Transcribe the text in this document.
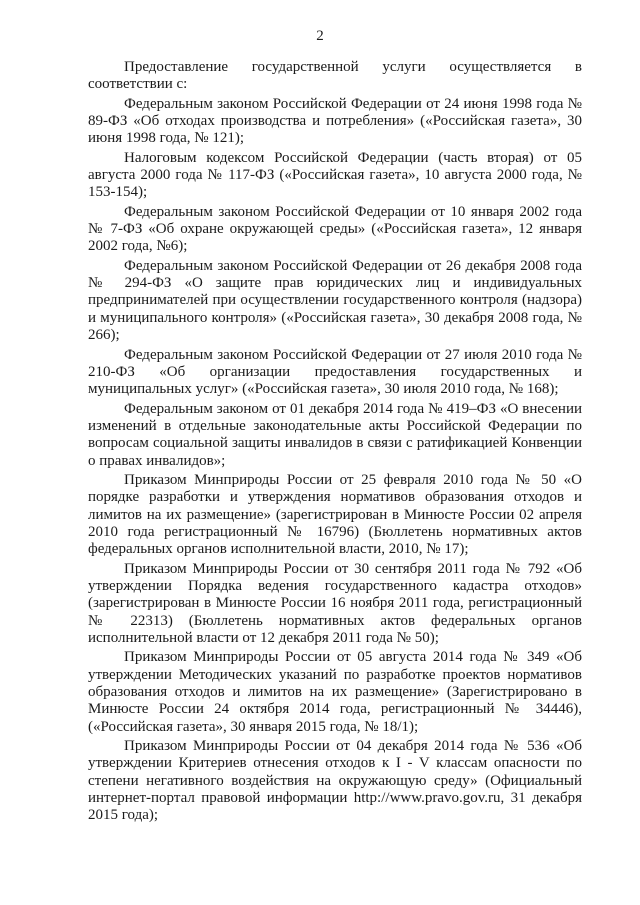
2

Предоставление государственной услуги осуществляется в соответствии с:

Федеральным законом Российской Федерации от 24 июня 1998 года № 89-ФЗ «Об отходах производства и потребления» («Российская газета», 30 июня 1998 года, № 121);

Налоговым кодексом Российской Федерации (часть вторая) от 05 августа 2000 года № 117-ФЗ («Российская газета», 10 августа 2000 года, № 153-154);

Федеральным законом Российской Федерации от 10 января 2002 года № 7-ФЗ «Об охране окружающей среды» («Российская газета», 12 января 2002 года, №6);

Федеральным законом Российской Федерации от 26 декабря 2008 года № 294-ФЗ «О защите прав юридических лиц и индивидуальных предпринимателей при осуществлении государственного контроля (надзора) и муниципального контроля» («Российская газета», 30 декабря 2008 года, № 266);

Федеральным законом Российской Федерации от 27 июля 2010 года № 210-ФЗ «Об организации предоставления государственных и муниципальных услуг» («Российская газета», 30 июля 2010 года, № 168);

Федеральным законом от 01 декабря 2014 года № 419–ФЗ «О внесении изменений в отдельные законодательные акты Российской Федерации по вопросам социальной защиты инвалидов в связи с ратификацией Конвенции о правах инвалидов»;

Приказом Минприроды России от 25 февраля 2010 года № 50 «О порядке разработки и утверждения нормативов образования отходов и лимитов на их размещение» (зарегистрирован в Минюсте России 02 апреля 2010 года регистрационный № 16796) (Бюллетень нормативных актов федеральных органов исполнительной власти, 2010, № 17);

Приказом Минприроды России от 30 сентября 2011 года № 792 «Об утверждении Порядка ведения государственного кадастра отходов» (зарегистрирован в Минюсте России 16 ноября 2011 года, регистрационный № 22313) (Бюллетень нормативных актов федеральных органов исполнительной власти от 12 декабря 2011 года № 50);

Приказом Минприроды России от 05 августа 2014 года № 349 «Об утверждении Методических указаний по разработке проектов нормативов образования отходов и лимитов на их размещение» (Зарегистрировано в Минюсте России 24 октября 2014 года, регистрационный № 34446), («Российская газета», 30 января 2015 года, № 18/1);

Приказом Минприроды России от 04 декабря 2014 года № 536 «Об утверждении Критериев отнесения отходов к I - V классам опасности по степени негативного воздействия на окружающую среду» (Официальный интернет-портал правовой информации http://www.pravo.gov.ru, 31 декабря 2015 года);
